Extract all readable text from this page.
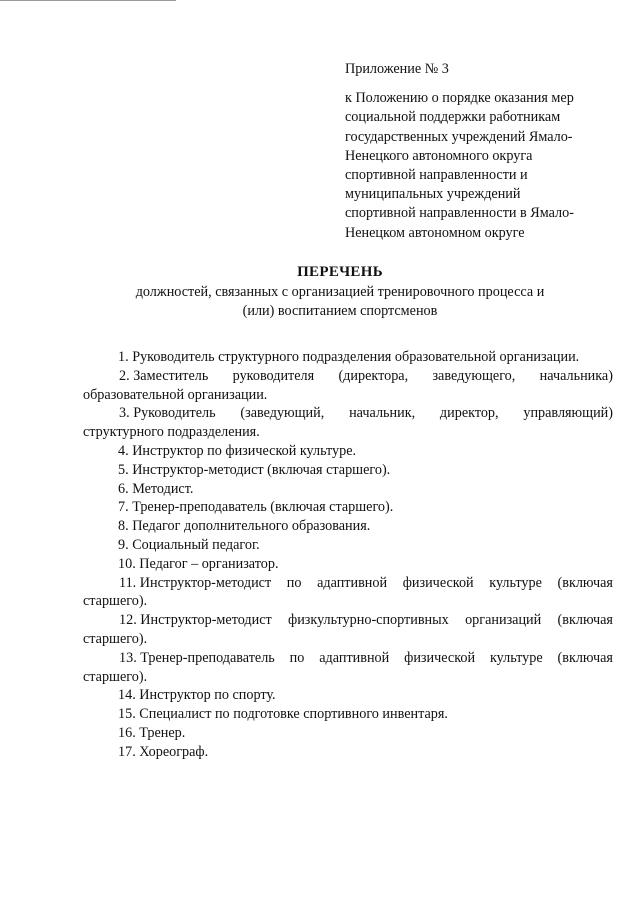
Приложение № 3
к Положению о порядке оказания мер
социальной поддержки работникам
государственных учреждений Ямало-
Ненецкого автономного округа
спортивной направленности и
муниципальных учреждений
спортивной направленности в Ямало-
Ненецком автономном округе
ПЕРЕЧЕНЬ
должностей, связанных с организацией тренировочного процесса и
(или) воспитанием спортсменов
1. Руководитель структурного подразделения образовательной организации.
2. Заместитель руководителя (директора, заведующего, начальника)
образовательной организации.
3. Руководитель (заведующий, начальник, директор, управляющий)
структурного подразделения.
4. Инструктор по физической культуре.
5. Инструктор-методист (включая старшего).
6. Методист.
7. Тренер-преподаватель (включая старшего).
8. Педагог дополнительного образования.
9. Социальный педагог.
10. Педагог – организатор.
11. Инструктор-методист по адаптивной физической культуре (включая
старшего).
12. Инструктор-методист физкультурно-спортивных организаций (включая
старшего).
13. Тренер-преподаватель по адаптивной физической культуре (включая
старшего).
14. Инструктор по спорту.
15. Специалист по подготовке спортивного инвентаря.
16. Тренер.
17. Хореограф.
